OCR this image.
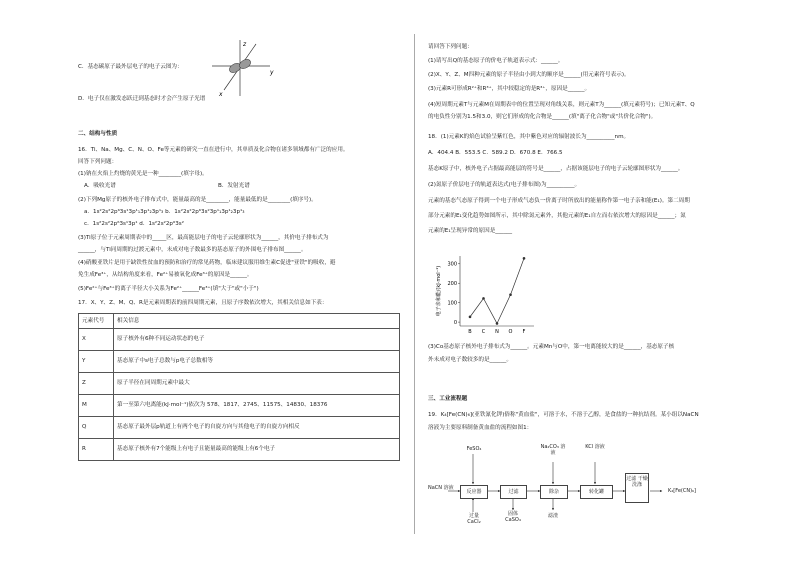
C．基态碳原子最外层电子的电子云图为：
z
y
x
D．电子仅在激发态跃迁到基态时才会产生原子光谱
二、结构与性质
16．Ti、Na、Mg、C、N、O、Fe等元素的研究一直在进行中，其单质及化合物在诸多领域都有广泛的应用。
回答下列问题：
(1)钠在火焰上灼烧的黄光是一种________(填字母)。
A．吸收光谱	B．发射光谱
(2)下列Mg原子的核外电子排布式中，能量最高的是________，能量最低的是________(填序号)。
a．1s²2s²2p⁶3s¹3p¹₁3p¹₂3p¹₃ b．1s²2s²2p⁶3s²3p¹₁3p¹₂3p¹₃
c．1s²2s²2p⁶3s¹3p¹ d．1s²2s²2p⁶3s²
(3)Ti原子位于元素周期表中的_____区，最高能层电子的电子云轮廓形状为______，其价电子排布式为
______，与Ti同周期的过渡元素中，未成对电子数最多的基态原子的外围电子排布图______。
(4)硝酸亚铁片是用于缺铁性贫血的预防和治疗的常见药物，临床建议服用维生素C促进"亚铁"的吸收，避
免生成Fe³⁺，从结构角度来看，Fe²⁺易被氧化成Fe³⁺的原因是______。
(5)Fe²⁺与Fe³⁺的离子半径大小关系为Fe²⁺______Fe³⁺(填"大于"或"小于")
17．X、Y、Z、M、Q、R是元素周期表的前四周期元素，且原子序数依次增大，其相关信息如下表：
元素代号	相关信息
X	原子核外有6种不同运动状态的电子
Y	基态原子中s电子总数与p电子总数相等
Z	原子半径在同周期元素中最大
M	第一至第六电离能(kJ·mol⁻¹)依次为 578、1817、2745、11575、14830、18376
Q	基态原子最外层p轨道上有两个电子的自旋方向与其他电子的自旋方向相反
R	基态原子核外有7个能级上有电子且能量最高的能级上有6个电子
请回答下列问题：
(1)请写出Q的基态原子的价电子轨道表示式：______。
(2)X、Y、Z、M四种元素的原子半径由小到大的顺序是______(用元素符号表示)。
(3)元素R可形成R²⁺和R³⁺，其中较稳定的是R³⁺，原因是______。
(4)短周期元素T与元素M在周期表中的位置呈现对角线关系，则元素T为______(填元素符号)；已知元素T、Q
的电负性分别为1.5和3.0，则它们形成的化合物是______(填"离子化合物"或"共价化合物")。
18．(1)元素K的焰色试验呈紫红色，其中紫色对应的辐射波长为__________nm。
A．404.4 B．553.5 C．589.2 D．670.8 E．766.5
基态K原子中，核外电子占据最高能层的符号是______，占据该能层电子的电子云轮廓图形状为______。
(2)氮原子价层电子的轨道表达式(电子排布图)为__________。
元素的基态气态原子得到一个电子形成气态负一价离子时所放出的能量称作第一电子亲和能(E₁)。第二周期
部分元素的E₁变化趋势如图所示，其中除氮元素外，其他元素的E₁自左而右依次增大的原因是______；氮
元素的E₁呈现异常的原因是______
0
100
200
300
B C N O F
电子亲和能/(kJ·mol⁻¹)
(3)Co基态原子核外电子排布式为______。元素Mn与O中，第一电离能较大的是______，基态原子核
外未成对电子数较多的是______。
三、工业流程题
19．K₄[Fe(CN)₆](亚铁氰化钾)俗称"黄血盐"，可溶于水，不溶于乙醇，是食盐的一种抗结剂。某小组以NaCN
溶液为主要原料制备黄血盐的流程如图1：
NaCN 溶液
FeSO₄
反应器
过量 CaCl₂
过滤
固体 CaSO₄
Na₂CO₃ 溶液
除杂
滤渣
KCl 溶液
转化罐
过滤 干燥 洗涤
K₄[Fe(CN)₆]
